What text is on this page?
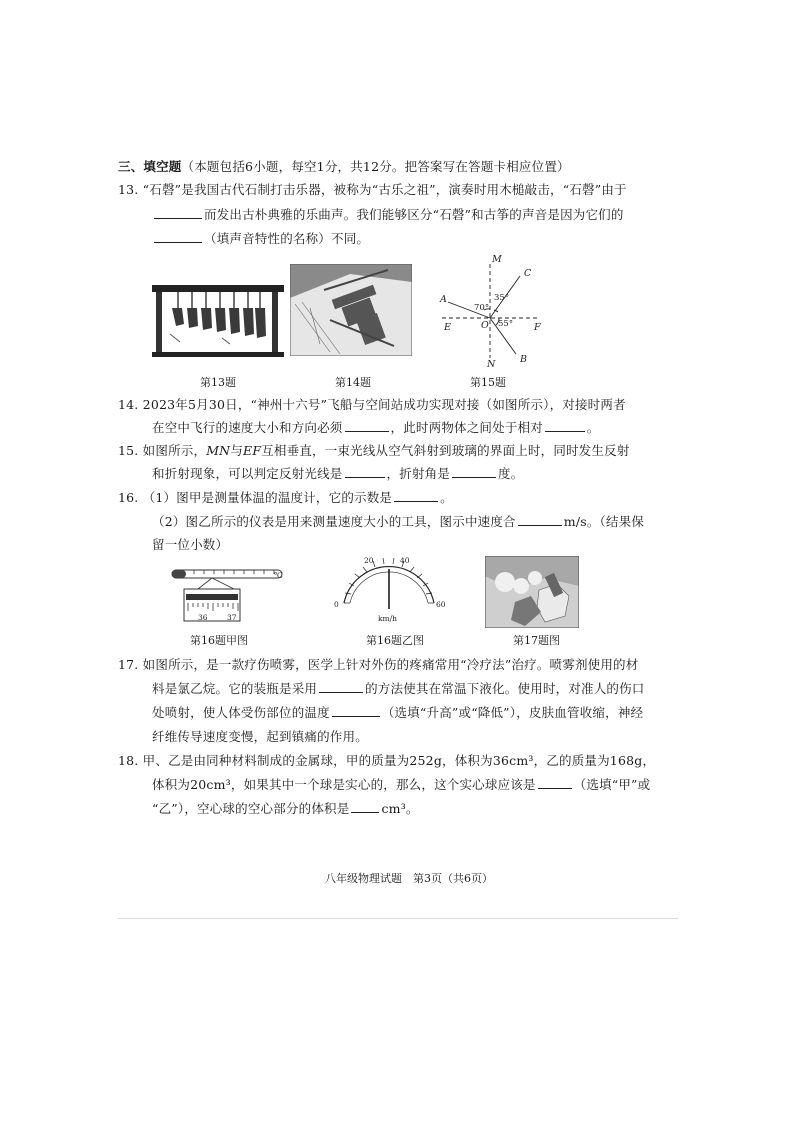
三、填空题（本题包括6小题，每空1分，共12分。把答案写在答题卡相应位置）
13. “石磬”是我国古代石制打击乐器，被称为“古乐之祖”，演奏时用木槌敲击，“石磬”由于
而发出古朴典雅的乐曲声。我们能够区分“石磬”和古筝的声音是因为它们的
（填声音特性的名称）不同。
M
N
A
B
C
E	F
O
70°
35°
55°
第13题	第14题	第15题
14. 2023年5月30日，“神州十六号”飞船与空间站成功实现对接（如图所示），对接时两者
在空中飞行的速度大小和方向必须	，此时两物体之间处于相对	。
15. 如图所示，MN与EF互相垂直，一束光线从空气斜射到玻璃的界面上时，同时发生反射
和折射现象，可以判定反射光线是	，折射角是	度。
16. （1）图甲是测量体温的温度计，它的示数是	。
（2）图乙所示的仪表是用来测量速度大小的工具，图示中速度合	m/s。（结果保
留一位小数）
℃
36	37
0
20	40
60
km/h
第16题甲图	第16题乙图	第17题图
17. 如图所示，是一款疗伤喷雾，医学上针对外伤的疼痛常用“冷疗法”治疗。喷雾剂使用的材
料是氯乙烷。它的装瓶是采用	的方法使其在常温下液化。使用时，对准人的伤口
处喷射，使人体受伤部位的温度	（选填“升高”或“降低”），皮肤血管收缩，神经
纤维传导速度变慢，起到镇痛的作用。
18. 甲、乙是由同种材料制成的金属球，甲的质量为252g，体积为36cm³，乙的质量为168g，
体积为20cm³，如果其中一个球是实心的，那么，这个实心球应该是	（选填“甲”或
“乙”），空心球的空心部分的体积是	cm³。
八年级物理试题　第3页（共6页）
